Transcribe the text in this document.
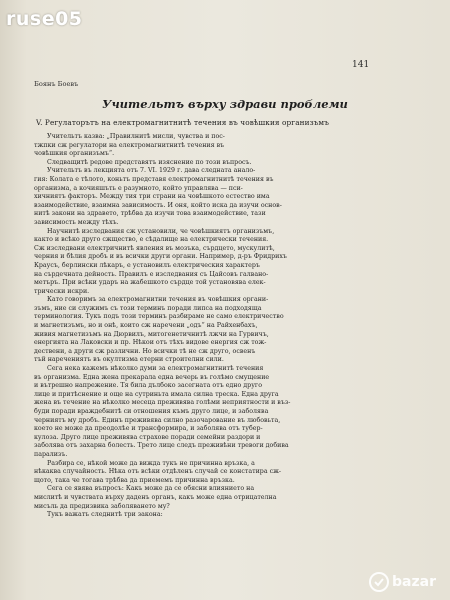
ruse05
141
Боянъ Боевъ
Учительтъ върху здрави проблеми
V. Регулаторътъ на електромагнитнитѣ течения въ човѣшкия организъмъ
Учительтъ казва: „Правилнитѣ мисли, чувства и пос-
тжпки сж регулатори на електромагнитнитѣ течения въ
човѣшкия организъмъ“.
Следващитѣ редове представятъ изяснение по този въпросъ.
Учительтъ въ лекцията отъ 7. VI. 1929 г. дава следната анало-
гия: Колата е тѣлото, коньтъ представя електромагнитнитѣ течения въ
организма, а кочияшъть е разумното, който управлява — пси-
хичниятъ факторъ. Между тия три страни на човѣшкото естество има
взаимодействие, взаимна зависимость. И оня, който иска да изучи основ-
нитѣ закони на здравето, трѣбва да изучи това взаимодействие, тази
зависимость между тѣхъ.
Научнитѣ изследвания сж установили, че човѣшкиятъ организъмъ,
както и всѣко друго сжщество, е сѣдалище на електрически течения.
Сж изследвани електричнитѣ явления въ мозъка, сърдцето, мускулитѣ,
черния и бѣлия дробъ и въ всички други органи. Например, д-ръ Фридрихъ
Краусъ, берлински лѣкаръ, е установилъ електрическия характеръ
на сърдечната дейность. Правилъ е изследвания съ Цайсовъ галвано-
метъръ. При всѣки ударъ на жабешкото сърдце той установява елек-
трически искри.
Като говоримъ за електромагнитни течения въ човѣшкия органи-
зъмъ, ние си служимъ съ този терминъ поради липса на подходяща
терминология. Тукъ подъ този терминъ разбираме не само електричество
и магнетизъмъ, но и онѣ, които сж наречени „одъ“ на Райхенбахъ,
живия магнетизъмъ на Дюрвилъ, митогенетичнитѣ лжчи на Гурвичъ,
енергията на Лаковски и пр. Нѣкои отъ тѣхъ видове енергия сж тож-
дествени, а други сж различни. Но всички тѣ не сж друго, освенъ
тъй наречениятъ въ окултизма етерни строителни сили.
Сега нека кажемъ нѣколко думи за електромагнитнитѣ течения
въ организма. Една жена прекарала една вечерь въ голѣмо смущение
и вътрешно напрежение. Тя била дълбоко засегната отъ едно друго
лице и притѣснение и още на сутриньта имала силна треска. Една друга
жена въ течение на нѣколко месеца преживява голѣми неприятности и въз-
буди поради враждебнитѣ си отношения къмъ друго лице, и заболява
черниятъ му дробъ. Единъ преживява силно разочарование въ любовьта,
което не може да преодолѣе и трансформира, и заболява отъ тубер-
кулоза. Друго лице преживява страхове поради семейни раздори и
заболява отъ захарна болесть. Трето лице следъ преживѣни тревоги добива
парализъ.
Разбира се, нѣкой може да вижда тукъ не причинна връзка, а
нѣкаква случайность. Нѣка отъ всѣки отдѣленъ случай се констатира сж-
щото, така че тогава трѣбва да приемемъ причинна връзка.
Сега се явява въпросъ: Какъ може да се обясни влиянието на
мислитѣ и чувствата върху даденъ органъ, какъ може една отрицателна
мисъль да предизвика заболяването му?
Тукъ важатъ следнитѣ три закона:
bazar
